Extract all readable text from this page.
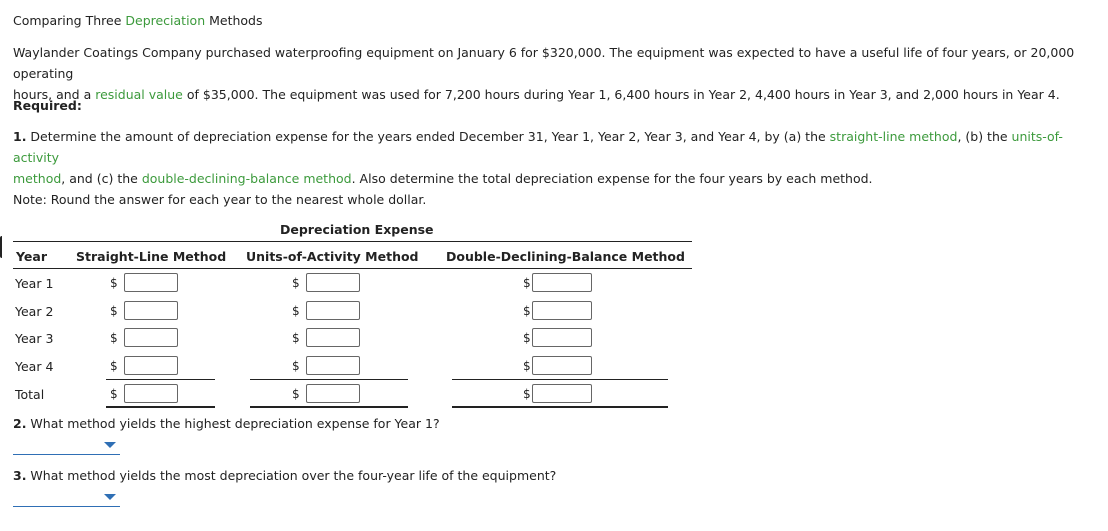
Comparing Three Depreciation Methods
Waylander Coatings Company purchased waterproofing equipment on January 6 for $320,000. The equipment was expected to have a useful life of four years, or 20,000 operating
hours, and a residual value of $35,000. The equipment was used for 7,200 hours during Year 1, 6,400 hours in Year 2, 4,400 hours in Year 3, and 2,000 hours in Year 4.
Required:
1. Determine the amount of depreciation expense for the years ended December 31, Year 1, Year 2, Year 3, and Year 4, by (a) the straight-line method, (b) the units-of-activity
method, and (c) the double-declining-balance method. Also determine the total depreciation expense for the four years by each method.
Note: Round the answer for each year to the nearest whole dollar.
Depreciation Expense
Year Straight-Line Method Units-of-Activity Method Double-Declining-Balance Method
Year 1
Year 2
Year 3
Year 4
Total
$
$
$
$
$
$
$
$
$
$
$
$
$
$
$
2. What method yields the highest depreciation expense for Year 1?
3. What method yields the most depreciation over the four-year life of the equipment?
